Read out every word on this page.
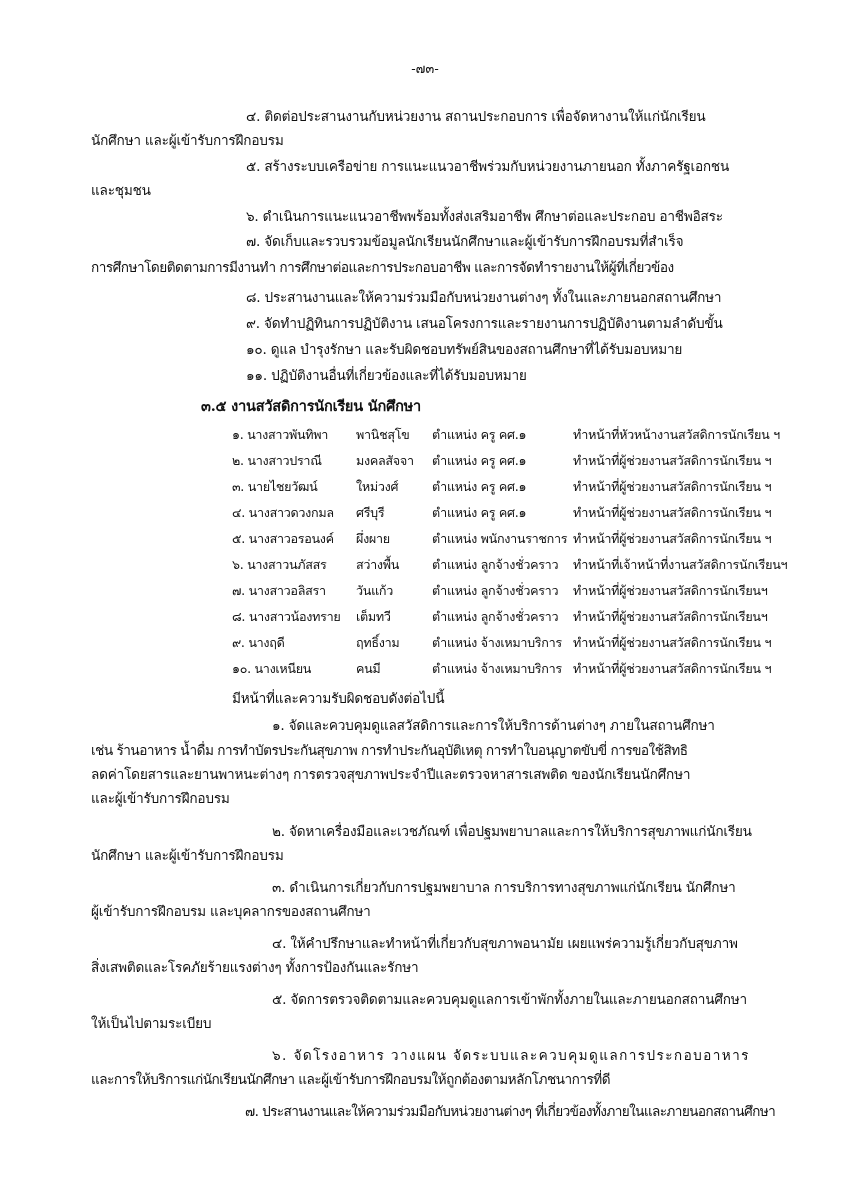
-๗๓-
๔. ติดต่อประสานงานกับหน่วยงาน สถานประกอบการ เพื่อจัดหางานให้แก่นักเรียน
นักศึกษา และผู้เข้ารับการฝึกอบรม
๕. สร้างระบบเครือข่าย การแนะแนวอาชีพร่วมกับหน่วยงานภายนอก ทั้งภาครัฐเอกชน
และชุมชน
๖. ดำเนินการแนะแนวอาชีพพร้อมทั้งส่งเสริมอาชีพ ศึกษาต่อและประกอบ อาชีพอิสระ
๗. จัดเก็บและรวบรวมข้อมูลนักเรียนนักศึกษาและผู้เข้ารับการฝึกอบรมที่สำเร็จ
การศึกษาโดยติดตามการมีงานทำ การศึกษาต่อและการประกอบอาชีพ และการจัดทำรายงานให้ผู้ที่เกี่ยวข้อง
๘. ประสานงานและให้ความร่วมมือกับหน่วยงานต่างๆ ทั้งในและภายนอกสถานศึกษา
๙. จัดทำปฏิทินการปฏิบัติงาน เสนอโครงการและรายงานการปฏิบัติงานตามลำดับขั้น
๑๐. ดูแล บำรุงรักษา และรับผิดชอบทรัพย์สินของสถานศึกษาที่ได้รับมอบหมาย
๑๑. ปฏิบัติงานอื่นที่เกี่ยวข้องและที่ได้รับมอบหมาย
๓.๕ งานสวัสดิการนักเรียน นักศึกษา
๑. นางสาวพันทิพา พานิชสุโข ตำแหน่ง ครู คศ.๑	ทำหน้าที่หัวหน้างานสวัสดิการนักเรียน ฯ
๒. นางสาวปราณี	มงคลสัจจา ตำแหน่ง ครู คศ.๑	ทำหน้าที่ผู้ช่วยงานสวัสดิการนักเรียน ฯ
๓. นายไชยวัฒน์	ใหม่วงศ์	ตำแหน่ง ครู คศ.๑	ทำหน้าที่ผู้ช่วยงานสวัสดิการนักเรียน ฯ
๔. นางสาวดวงกมล ศรีบุรี	ตำแหน่ง ครู คศ.๑	ทำหน้าที่ผู้ช่วยงานสวัสดิการนักเรียน ฯ
๕. นางสาวอรอนงค์ ผึ่งผาย	ตำแหน่ง พนักงานราชการ ทำหน้าที่ผู้ช่วยงานสวัสดิการนักเรียน ฯ
๖. นางสาวนภัสสร สว่างพื้น	ตำแหน่ง ลูกจ้างชั่วคราว ทำหน้าที่เจ้าหน้าที่งานสวัสดิการนักเรียนฯ
๗. นางสาวอลิสรา วันแก้ว	ตำแหน่ง ลูกจ้างชั่วคราว ทำหน้าที่ผู้ช่วยงานสวัสดิการนักเรียนฯ
๘. นางสาวน้องทราย เต็มทวี	ตำแหน่ง ลูกจ้างชั่วคราว ทำหน้าที่ผู้ช่วยงานสวัสดิการนักเรียนฯ
๙. นางฤดี	ฤทธิ์งาม	ตำแหน่ง จ้างเหมาบริการ ทำหน้าที่ผู้ช่วยงานสวัสดิการนักเรียน ฯ
๑๐. นางเหนียน	คนมี	ตำแหน่ง จ้างเหมาบริการ ทำหน้าที่ผู้ช่วยงานสวัสดิการนักเรียน ฯ
มีหน้าที่และความรับผิดชอบดังต่อไปนี้
๑. จัดและควบคุมดูแลสวัสดิการและการให้บริการด้านต่างๆ ภายในสถานศึกษา
เช่น ร้านอาหาร น้ำดื่ม การทำบัตรประกันสุขภาพ การทำประกันอุบัติเหตุ การทำใบอนุญาตขับขี่ การขอใช้สิทธิ
ลดค่าโดยสารและยานพาหนะต่างๆ การตรวจสุขภาพประจำปีและตรวจหาสารเสพติด ของนักเรียนนักศึกษา
และผู้เข้ารับการฝึกอบรม
๒. จัดหาเครื่องมือและเวชภัณฑ์ เพื่อปฐมพยาบาลและการให้บริการสุขภาพแก่นักเรียน
นักศึกษา และผู้เข้ารับการฝึกอบรม
๓. ดำเนินการเกี่ยวกับการปฐมพยาบาล การบริการทางสุขภาพแก่นักเรียน นักศึกษา
ผู้เข้ารับการฝึกอบรม และบุคลากรของสถานศึกษา
๔. ให้คำปรึกษาและทำหน้าที่เกี่ยวกับสุขภาพอนามัย เผยแพร่ความรู้เกี่ยวกับสุขภาพ
สิ่งเสพติดและโรคภัยร้ายแรงต่างๆ ทั้งการป้องกันและรักษา
๕. จัดการตรวจติดตามและควบคุมดูแลการเข้าพักทั้งภายในและภายนอกสถานศึกษา
ให้เป็นไปตามระเบียบ
๖. จัดโรงอาหาร วางแผน จัดระบบและควบคุมดูแลการประกอบอาหาร
และการให้บริการแก่นักเรียนนักศึกษา และผู้เข้ารับการฝึกอบรมให้ถูกต้องตามหลักโภชนาการที่ดี
๗. ประสานงานและให้ความร่วมมือกับหน่วยงานต่างๆ ที่เกี่ยวข้องทั้งภายในและภายนอกสถานศึกษา
